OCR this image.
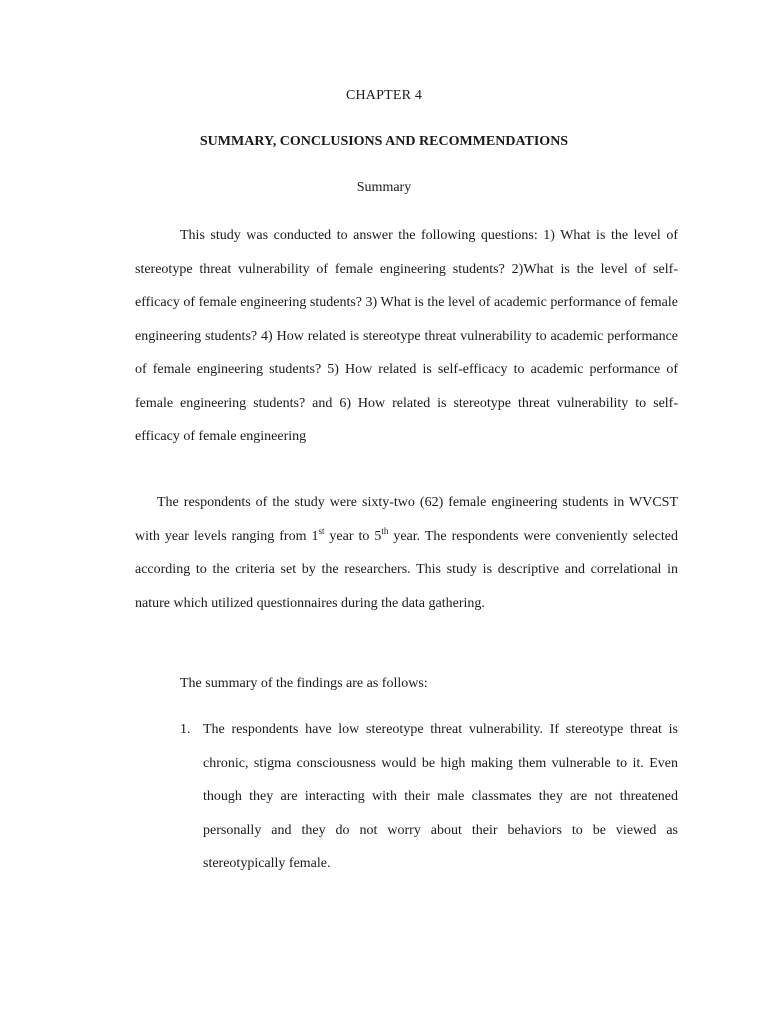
CHAPTER 4

SUMMARY, CONCLUSIONS AND RECOMMENDATIONS

Summary

This study was conducted to answer the following questions: 1) What is the level of stereotype threat vulnerability of female engineering students? 2)What is the level of self-efficacy of female engineering students? 3) What is the level of academic performance of female engineering students? 4) How related is stereotype threat vulnerability to academic performance of female engineering students? 5) How related is self-efficacy to academic performance of female engineering students? and 6) How related is stereotype threat vulnerability to self-efficacy of female engineering

The respondents of the study were sixty-two (62) female engineering students in WVCST with year levels ranging from 1st year to 5th year. The respondents were conveniently selected according to the criteria set by the researchers. This study is descriptive and correlational in nature which utilized questionnaires during the data gathering.

The summary of the findings are as follows:

1. The respondents have low stereotype threat vulnerability. If stereotype threat is chronic, stigma consciousness would be high making them vulnerable to it. Even though they are interacting with their male classmates they are not threatened personally and they do not worry about their behaviors to be viewed as stereotypically female.
